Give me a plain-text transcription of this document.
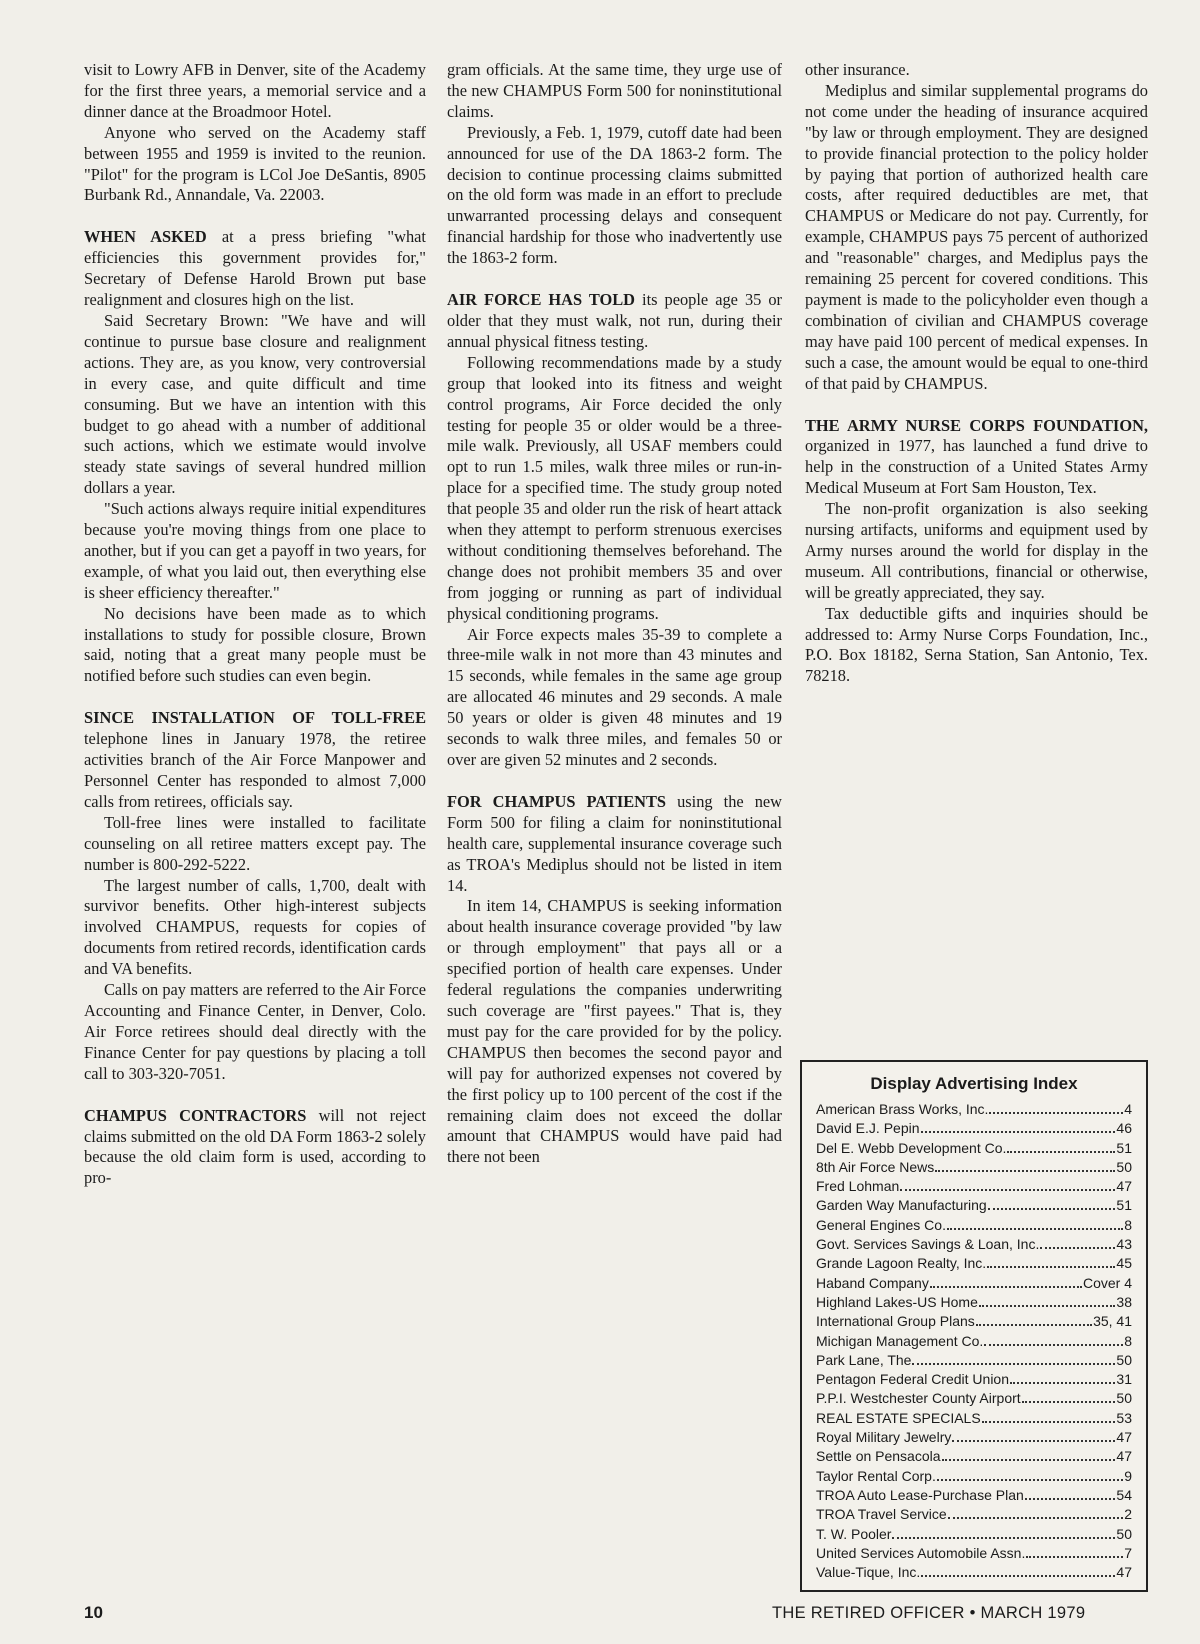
visit to Lowry AFB in Denver, site of the Academy for the first three years, a memorial service and a dinner dance at the Broadmoor Hotel.

Anyone who served on the Academy staff between 1955 and 1959 is invited to the reunion. "Pilot" for the program is LCol Joe DeSantis, 8905 Burbank Rd., Annandale, Va. 22003.

WHEN ASKED at a press briefing "what efficiencies this government provides for," Secretary of Defense Harold Brown put base realignment and closures high on the list.

Said Secretary Brown: "We have and will continue to pursue base closure and realignment actions. They are, as you know, very controversial in every case, and quite difficult and time consuming. But we have an intention with this budget to go ahead with a number of additional such actions, which we estimate would involve steady state savings of several hundred million dollars a year.

"Such actions always require initial expenditures because you're moving things from one place to another, but if you can get a payoff in two years, for example, of what you laid out, then everything else is sheer efficiency thereafter."

No decisions have been made as to which installations to study for possible closure, Brown said, noting that a great many people must be notified before such studies can even begin.

SINCE INSTALLATION OF TOLL-FREE telephone lines in January 1978, the retiree activities branch of the Air Force Manpower and Personnel Center has responded to almost 7,000 calls from retirees, officials say.

Toll-free lines were installed to facilitate counseling on all retiree matters except pay. The number is 800-292-5222.

The largest number of calls, 1,700, dealt with survivor benefits. Other high-interest subjects involved CHAMPUS, requests for copies of documents from retired records, identification cards and VA benefits.

Calls on pay matters are referred to the Air Force Accounting and Finance Center, in Denver, Colo. Air Force retirees should deal directly with the Finance Center for pay questions by placing a toll call to 303-320-7051.

CHAMPUS CONTRACTORS will not reject claims submitted on the old DA Form 1863-2 solely because the old claim form is used, according to pro-

gram officials. At the same time, they urge use of the new CHAMPUS Form 500 for noninstitutional claims.

Previously, a Feb. 1, 1979, cutoff date had been announced for use of the DA 1863-2 form. The decision to continue processing claims submitted on the old form was made in an effort to preclude unwarranted processing delays and consequent financial hardship for those who inadvertently use the 1863-2 form.

AIR FORCE HAS TOLD its people age 35 or older that they must walk, not run, during their annual physical fitness testing.

Following recommendations made by a study group that looked into its fitness and weight control programs, Air Force decided the only testing for people 35 or older would be a three-mile walk. Previously, all USAF members could opt to run 1.5 miles, walk three miles or run-in-place for a specified time. The study group noted that people 35 and older run the risk of heart attack when they attempt to perform strenuous exercises without conditioning themselves beforehand. The change does not prohibit members 35 and over from jogging or running as part of individual physical conditioning programs.

Air Force expects males 35-39 to complete a three-mile walk in not more than 43 minutes and 15 seconds, while females in the same age group are allocated 46 minutes and 29 seconds. A male 50 years or older is given 48 minutes and 19 seconds to walk three miles, and females 50 or over are given 52 minutes and 2 seconds.

FOR CHAMPUS PATIENTS using the new Form 500 for filing a claim for noninstitutional health care, supplemental insurance coverage such as TROA's Mediplus should not be listed in item 14.

In item 14, CHAMPUS is seeking information about health insurance coverage provided "by law or through employment" that pays all or a specified portion of health care expenses. Under federal regulations the companies underwriting such coverage are "first payees." That is, they must pay for the care provided for by the policy. CHAMPUS then becomes the second payor and will pay for authorized expenses not covered by the first policy up to 100 percent of the cost if the remaining claim does not exceed the dollar amount that CHAMPUS would have paid had there not been

other insurance.

Mediplus and similar supplemental programs do not come under the heading of insurance acquired "by law or through employment. They are designed to provide financial protection to the policy holder by paying that portion of authorized health care costs, after required deductibles are met, that CHAMPUS or Medicare do not pay. Currently, for example, CHAMPUS pays 75 percent of authorized and "reasonable" charges, and Mediplus pays the remaining 25 percent for covered conditions. This payment is made to the policyholder even though a combination of civilian and CHAMPUS coverage may have paid 100 percent of medical expenses. In such a case, the amount would be equal to one-third of that paid by CHAMPUS.

THE ARMY NURSE CORPS FOUNDATION, organized in 1977, has launched a fund drive to help in the construction of a United States Army Medical Museum at Fort Sam Houston, Tex.

The non-profit organization is also seeking nursing artifacts, uniforms and equipment used by Army nurses around the world for display in the museum. All contributions, financial or otherwise, will be greatly appreciated, they say.

Tax deductible gifts and inquiries should be addressed to: Army Nurse Corps Foundation, Inc., P.O. Box 18182, Serna Station, San Antonio, Tex. 78218.

Display Advertising Index
American Brass Works, Inc.	4
David E.J. Pepin	46
Del E. Webb Development Co.	51
8th Air Force News	50
Fred Lohman	47
Garden Way Manufacturing	51
General Engines Co.	8
Govt. Services Savings & Loan, Inc.	43
Grande Lagoon Realty, Inc.	45
Haband Company	Cover 4
Highland Lakes-US Home	38
International Group Plans	35, 41
Michigan Management Co.	8
Park Lane, The	50
Pentagon Federal Credit Union	31
P.P.I. Westchester County Airport	50
REAL ESTATE SPECIALS	53
Royal Military Jewelry	47
Settle on Pensacola	47
Taylor Rental Corp.	9
TROA Auto Lease-Purchase Plan	54
TROA Travel Service	2
T. W. Pooler	50
United Services Automobile Assn.	7
Value-Tique, Inc.	47
10	THE RETIRED OFFICER • MARCH 1979
